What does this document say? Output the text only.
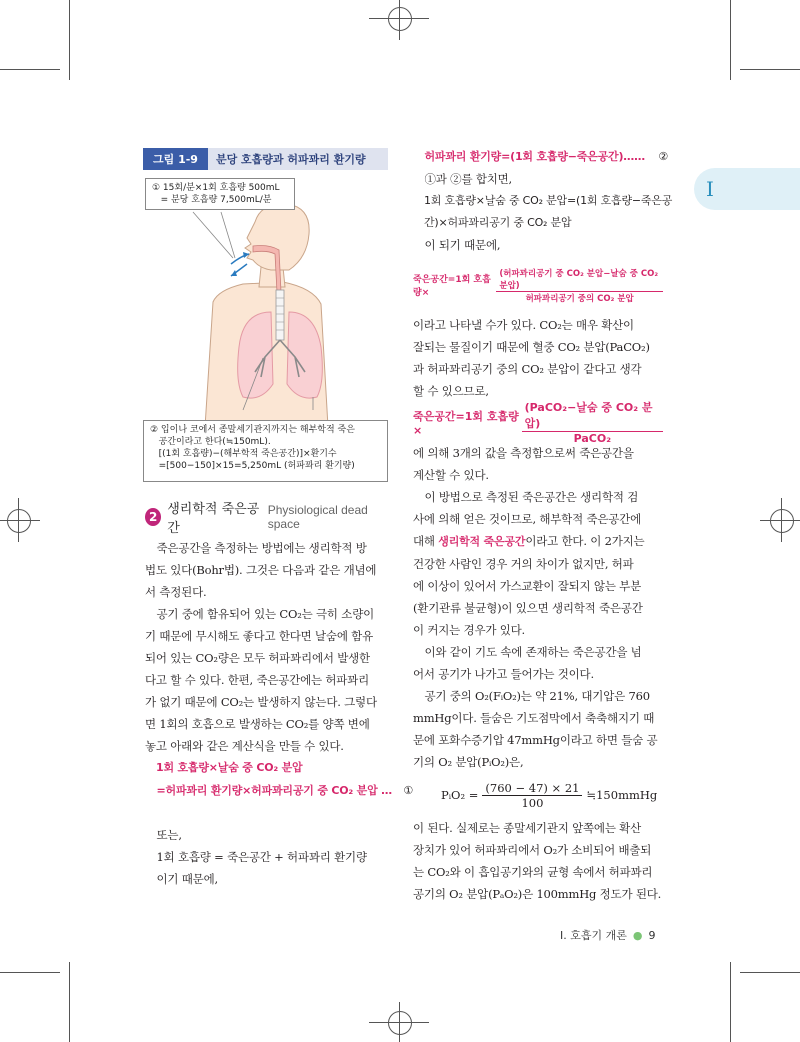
I
그림 1-9	분당 호흡량과 허파꽈리 환기량
① 15회/분×1회 호흡량 500mL
= 분당 호흡량 7,500mL/분
② 입이나 코에서 종말세기관지까지는 해부학적 죽은
공간이라고 한다(≒150mL).
[(1회 호흡량)−(해부학적 죽은공간)]×환기수
=[500−150]×15=5,250mL (허파꽈리 환기량)
2 생리학적 죽은공간
Physiological dead space
죽은공간을 측정하는 방법에는 생리학적 방
법도 있다(Bohr법). 그것은 다음과 같은 개념에
서 측정된다.
공기 중에 함유되어 있는 CO₂는 극히 소량이
기 때문에 무시해도 좋다고 한다면 날숨에 함유
되어 있는 CO₂량은 모두 허파꽈리에서 발생한
다고 할 수 있다. 한편, 죽은공간에는 허파꽈리
가 없기 때문에 CO₂는 발생하지 않는다. 그렇다
면 1회의 호흡으로 발생하는 CO₂를 양쪽 변에
놓고 아래와 같은 계산식을 만들 수 있다.
1회 호흡량×날숨 중 CO₂ 분압
=허파꽈리 환기량×허파꽈리공기 중 CO₂ 분압 … ①
또는,
1회 호흡량 = 죽은공간 + 허파꽈리 환기량
이기 때문에,
허파꽈리 환기량=(1회 호흡량−죽은공간)…… ②
①과 ②를 합치면,
1회 호흡량×날숨 중 CO₂ 분압=(1회 호흡량−죽은공
간)×허파꽈리공기 중 CO₂ 분압
이 되기 때문에,
죽은공간=1회 호흡량×	$\frac{\text{(허파꽈리공기 중 CO₂ 분압−날숨 중 CO₂ 분압)}}{\text{허파꽈리공기 중의 CO₂ 분압}}$
이라고 나타낼 수가 있다. CO₂는 매우 확산이
잘되는 물질이기 때문에 혈중 CO₂ 분압(PaCO₂)
과 허파꽈리공기 중의 CO₂ 분압이 같다고 생각
할 수 있으므로,
죽은공간=1회 호흡량×	$\frac{\text{(PaCO₂−날숨 중 CO₂ 분압)}}{\text{PaCO₂}}$
에 의해 3개의 값을 측정함으로써 죽은공간을
계산할 수 있다.
이 방법으로 측정된 죽은공간은 생리학적 검
사에 의해 얻은 것이므로, 해부학적 죽은공간에
대해 생리학적 죽은공간이라고 한다. 이 2가지는
건강한 사람인 경우 거의 차이가 없지만, 허파
에 이상이 있어서 가스교환이 잘되지 않는 부분
(환기관류 불균형)이 있으면 생리학적 죽은공간
이 커지는 경우가 있다.
이와 같이 기도 속에 존재하는 죽은공간을 넘
어서 공기가 나가고 들어가는 것이다.
공기 중의 O₂(FᵢO₂)는 약 21%, 대기압은 760
mmHg이다. 들숨은 기도점막에서 축축해지기 때
문에 포화수증기압 47mmHg이라고 하면 들숨 공
기의 O₂ 분압(PᵢO₂)은,
PᵢO₂ = $\frac{(760 - 47) \times 21}{100}$ ≒150mmHg
이 된다. 실제로는 종말세기관지 앞쪽에는 확산
장치가 있어 허파꽈리에서 O₂가 소비되어 배출되
는 CO₂와 이 흡입공기와의 균형 속에서 허파꽈리
공기의 O₂ 분압(PₐO₂)은 100mmHg 정도가 된다.
I. 호흡기 개론 ● 9
